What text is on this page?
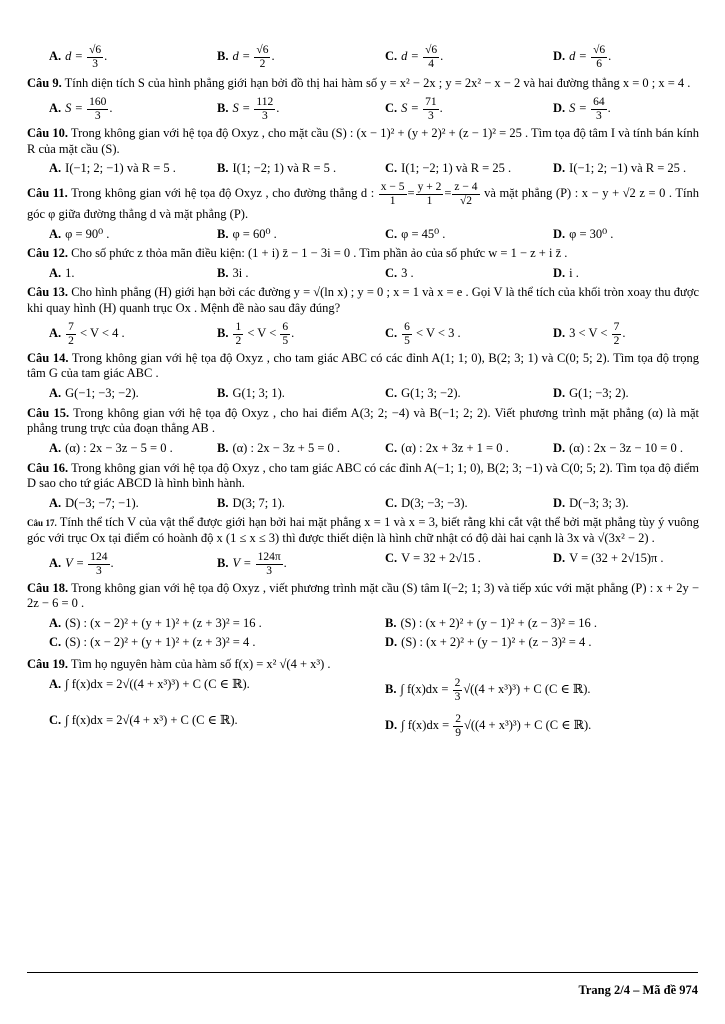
A. $d = \frac{√6}{3}$ .	B. $d = \frac{√6}{2}$ .	C. $d = \frac{√6}{4}$ .	D. $d = \frac{√6}{6}$ .

Câu 9. Tính diện tích S của hình phẳng giới hạn bởi đồ thị hai hàm số y = x² − 2x ; y = 2x² − x − 2 và hai đường thẳng x = 0 ; x = 4 .

A. $S = \frac{160}{3}$ .	B. $S = \frac{112}{3}$ .	C. $S = \frac{71}{3}$ .	D. $S = \frac{64}{3}$ .

Câu 10. Trong không gian với hệ tọa độ Oxyz , cho mặt cầu (S) : (x − 1)² + (y + 2)² + (z − 1)² = 25 . Tìm tọa độ tâm I và tính bán kính R của mặt cầu (S).

A. I(−1; 2; −1) và R = 5 .	B. I(1; −2; 1) và R = 5 .	C. I(1; −2; 1) và R = 25 .	D. I(−1; 2; −1) và R = 25 .

Câu 11. Trong không gian với hệ tọa độ Oxyz , cho đường thẳng d : $\frac{x - 5}{1} = \frac{y + 2}{1} = \frac{z - 4}{√2}$ và mặt phẳng (P) : x − y + √2 z = 0 . Tính góc φ giữa đường thẳng d và mặt phẳng (P).

A. φ = 90⁰ .	B. φ = 60⁰ .	C. φ = 45⁰ .	D. φ = 30⁰ .

Câu 12. Cho số phức z thỏa mãn điều kiện: (1 + i) z̄ − 1 − 3i = 0 . Tìm phần ảo của số phức w = 1 − z + i z̄ .

A. 1.	B. 3i .	C. 3 .	D. i .

Câu 13. Cho hình phẳng (H) giới hạn bởi các đường y = √(ln x) ; y = 0 ; x = 1 và x = e . Gọi V là thể tích của khối tròn xoay thu được khi quay hình (H) quanh trục Ox . Mệnh đề nào sau đây đúng?

A. $\frac{7}{2} < V < 4$ .	B. $\frac{1}{2} < V < \frac{6}{5}$ .	C. $\frac{6}{5} < V < 3$ .	D. $3 < V < \frac{7}{2}$ .

Câu 14. Trong không gian với hệ tọa độ Oxyz , cho tam giác ABC có các đỉnh A(1; 1; 0), B(2; 3; 1) và C(0; 5; 2). Tìm tọa độ trọng tâm G của tam giác ABC .

A. G(−1; −3; −2).	B. G(1; 3; 1).	C. G(1; 3; −2).	D. G(1; −3; 2).

Câu 15. Trong không gian với hệ tọa độ Oxyz , cho hai điểm A(3; 2; −4) và B(−1; 2; 2). Viết phương trình mặt phẳng (α) là mặt phẳng trung trực của đoạn thẳng AB .

A. (α) : 2x − 3z − 5 = 0 .	B. (α) : 2x − 3z + 5 = 0 .	C. (α) : 2x + 3z + 1 = 0 .	D. (α) : 2x − 3z − 10 = 0 .

Câu 16. Trong không gian với hệ tọa độ Oxyz , cho tam giác ABC có các đỉnh A(−1; 1; 0), B(2; 3; −1) và C(0; 5; 2). Tìm tọa độ điểm D sao cho tứ giác ABCD là hình bình hành.

A. D(−3; −7; −1).	B. D(3; 7; 1).	C. D(3; −3; −3).	D. D(−3; 3; 3).

Câu 17. Tính thể tích V của vật thể được giới hạn bởi hai mặt phẳng x = 1 và x = 3, biết rằng khi cắt vật thể bởi mặt phẳng tùy ý vuông góc với trục Ox tại điểm có hoành độ x (1 ≤ x ≤ 3) thì được thiết diện là hình chữ nhật có độ dài hai cạnh là 3x và √(3x² − 2) .

A. $V = \frac{124}{3}$ .	B. $V = \frac{124\pi}{3}$ .	C. V = 32 + 2√15 .	D. V = (32 + 2√15)π .

Câu 18. Trong không gian với hệ tọa độ Oxyz , viết phương trình mặt cầu (S) tâm I(−2; 1; 3) và tiếp xúc với mặt phẳng (P) : x + 2y − 2z − 6 = 0 .

A. (S) : (x − 2)² + (y + 1)² + (z + 3)² = 16 .	B. (S) : (x + 2)² + (y − 1)² + (z − 3)² = 16 .
C. (S) : (x − 2)² + (y + 1)² + (z + 3)² = 4 .	D. (S) : (x + 2)² + (y − 1)² + (z − 3)² = 4 .

Câu 19. Tìm họ nguyên hàm của hàm số f(x) = x² √(4 + x³) .

A. ∫ f(x)dx = 2√((4 + x³)³) + C (C ∈ ℝ).	B. ∫ $f(x)dx = \frac{2}{3} √((4 + x^3)^3) + C$ (C ∈ ℝ).
C. ∫ f(x)dx = 2√(4 + x³) + C (C ∈ ℝ).	D. ∫ $f(x)dx = \frac{2}{9} √((4 + x^3)^3) + C$ (C ∈ ℝ).
Trang 2/4 – Mã đề 974
